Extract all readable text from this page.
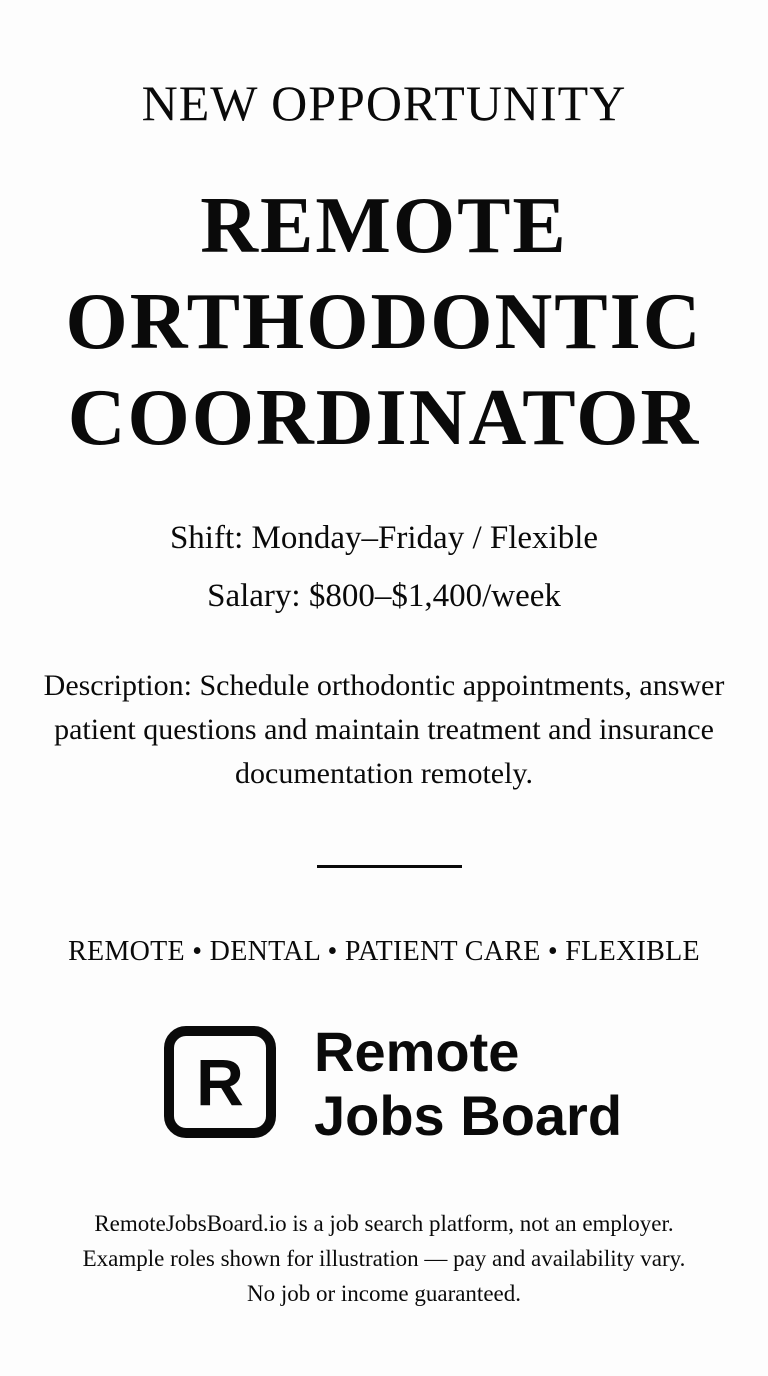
NEW OPPORTUNITY
REMOTE
ORTHODONTIC
COORDINATOR
Shift: Monday–Friday / Flexible
Salary: $800–$1,400/week
Description: Schedule orthodontic appointments, answer patient questions and maintain treatment and insurance documentation remotely.
REMOTE • DENTAL • PATIENT CARE • FLEXIBLE
R	Remote
Jobs Board
RemoteJobsBoard.io is a job search platform, not an employer.
Example roles shown for illustration — pay and availability vary.
No job or income guaranteed.
